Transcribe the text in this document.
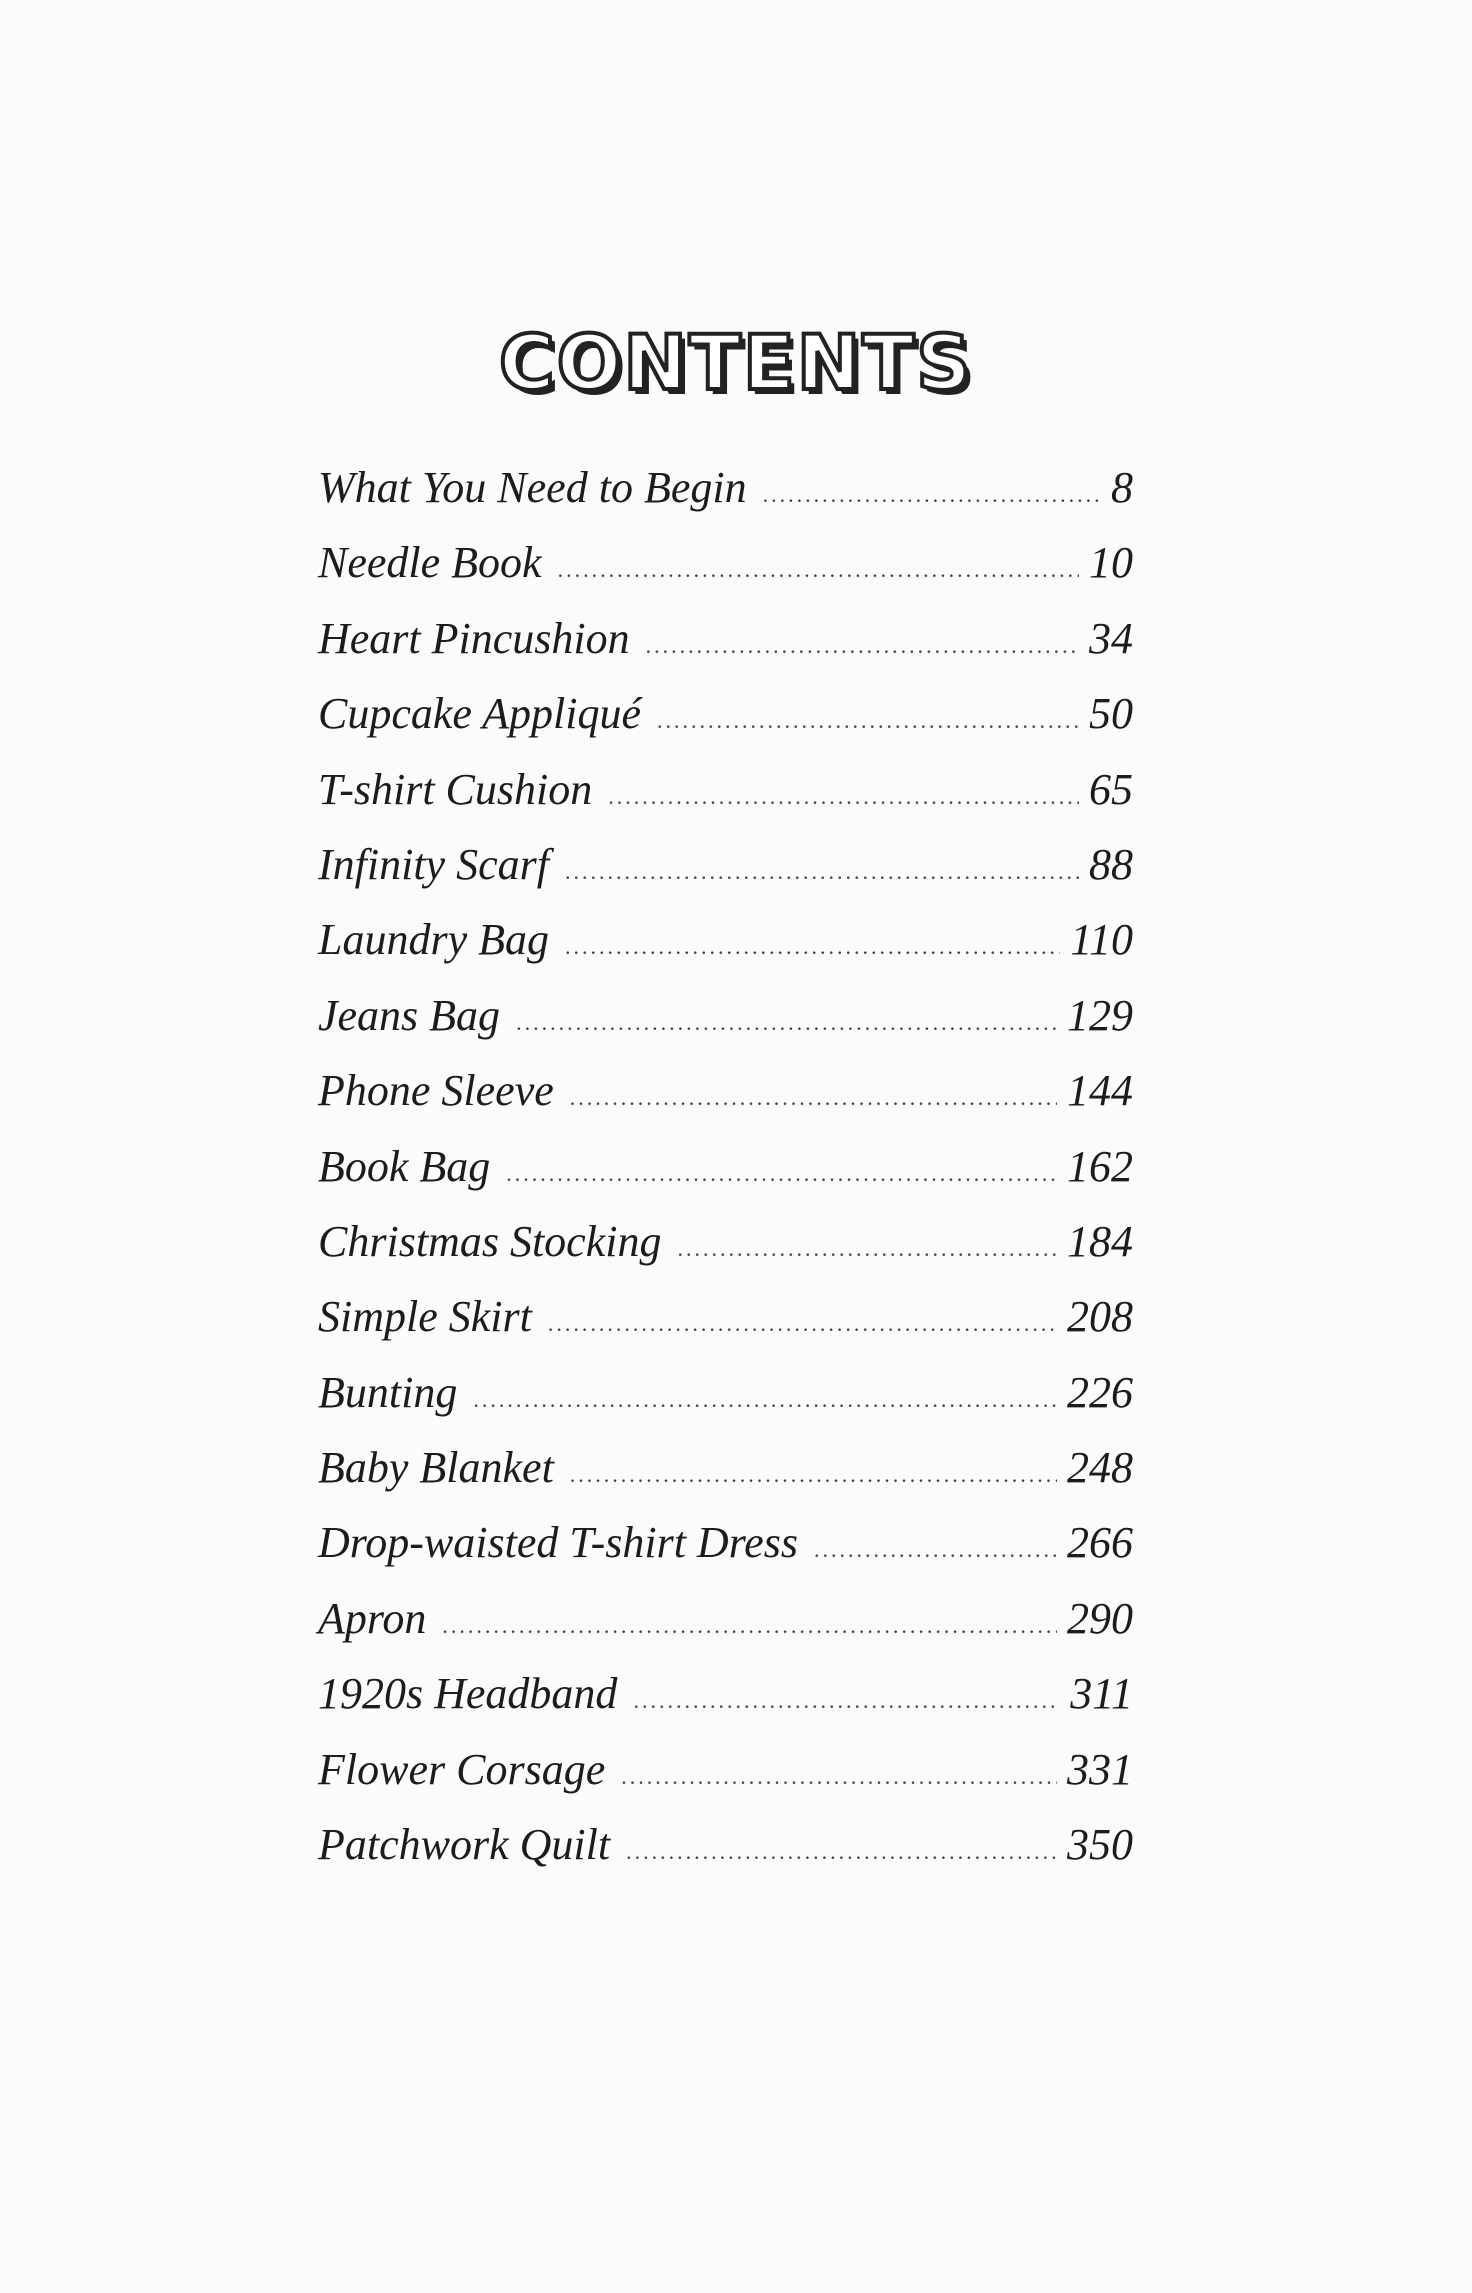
CONTENTS
What You Need to Begin .....	8
Needle Book .....	10
Heart Pincushion .....	34
Cupcake Appliqué .....	50
T-shirt Cushion .....	65
Infinity Scarf .....	88
Laundry Bag .....	110
Jeans Bag .....	129
Phone Sleeve .....	144
Book Bag .....	162
Christmas Stocking .....	184
Simple Skirt .....	208
Bunting .....	226
Baby Blanket .....	248
Drop-waisted T-shirt Dress .....	266
Apron .....	290
1920s Headband .....	311
Flower Corsage .....	331
Patchwork Quilt .....	350
